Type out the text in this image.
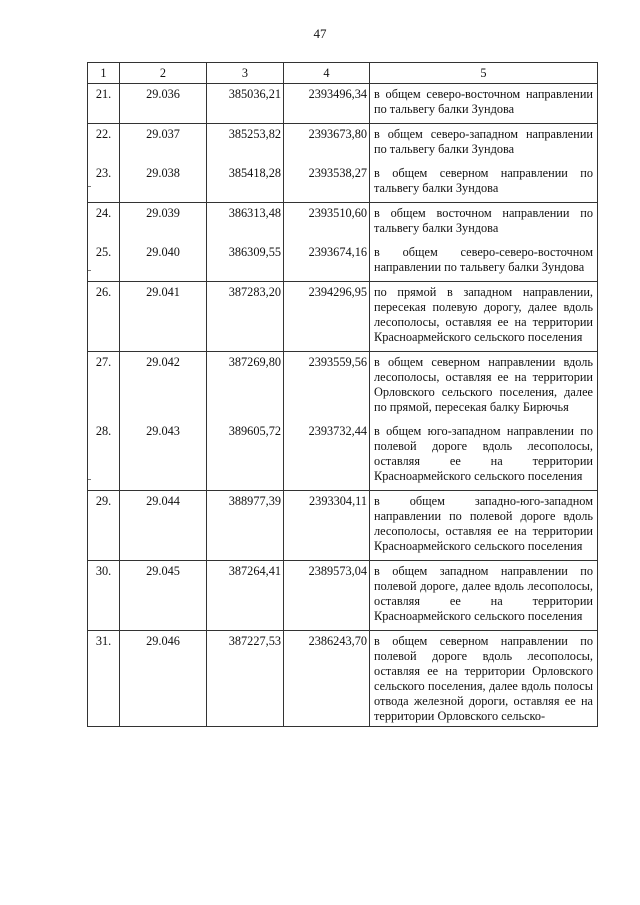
47
1	2	3	4	5
21.	29.036	385036,21	2393496,34	в общем северо-восточном направлении по тальвегу балки Зундова
22.	29.037	385253,82	2393673,80	в общем северо-западном направлении по тальвегу балки Зундова
23.	29.038	385418,28	2393538,27	в общем северном направлении по тальвегу балки Зундова
24.	29.039	386313,48	2393510,60	в общем восточном направлении по тальвегу балки Зундова
25.	29.040	386309,55	2393674,16	в общем северо-северо-восточном направлении по тальвегу балки Зундова
26.	29.041	387283,20	2394296,95	по прямой в западном направлении, пересекая полевую дорогу, далее вдоль лесополосы, оставляя ее на территории Красноармейского сельского поселения
27.	29.042	387269,80	2393559,56	в общем северном направлении вдоль лесополосы, оставляя ее на территории Орловского сельского поселения, далее по прямой, пересекая балку Бирючья
28.	29.043	389605,72	2393732,44	в общем юго-западном направлении по полевой дороге вдоль лесополосы, оставляя ее на территории Красноармейского сельского поселения
29.	29.044	388977,39	2393304,11	в общем западно-юго-западном направлении по полевой дороге вдоль лесополосы, оставляя ее на территории Красноармейского сельского поселения
30.	29.045	387264,41	2389573,04	в общем западном направлении по полевой дороге, далее вдоль лесополосы, оставляя ее на территории Красноармейского сельского поселения
31.	29.046	387227,53	2386243,70	в общем северном направлении по полевой дороге вдоль лесополосы, оставляя ее на территории Орловского сельского поселения, далее вдоль полосы отвода железной дороги, оставляя ее на территории Орловского сельско-
